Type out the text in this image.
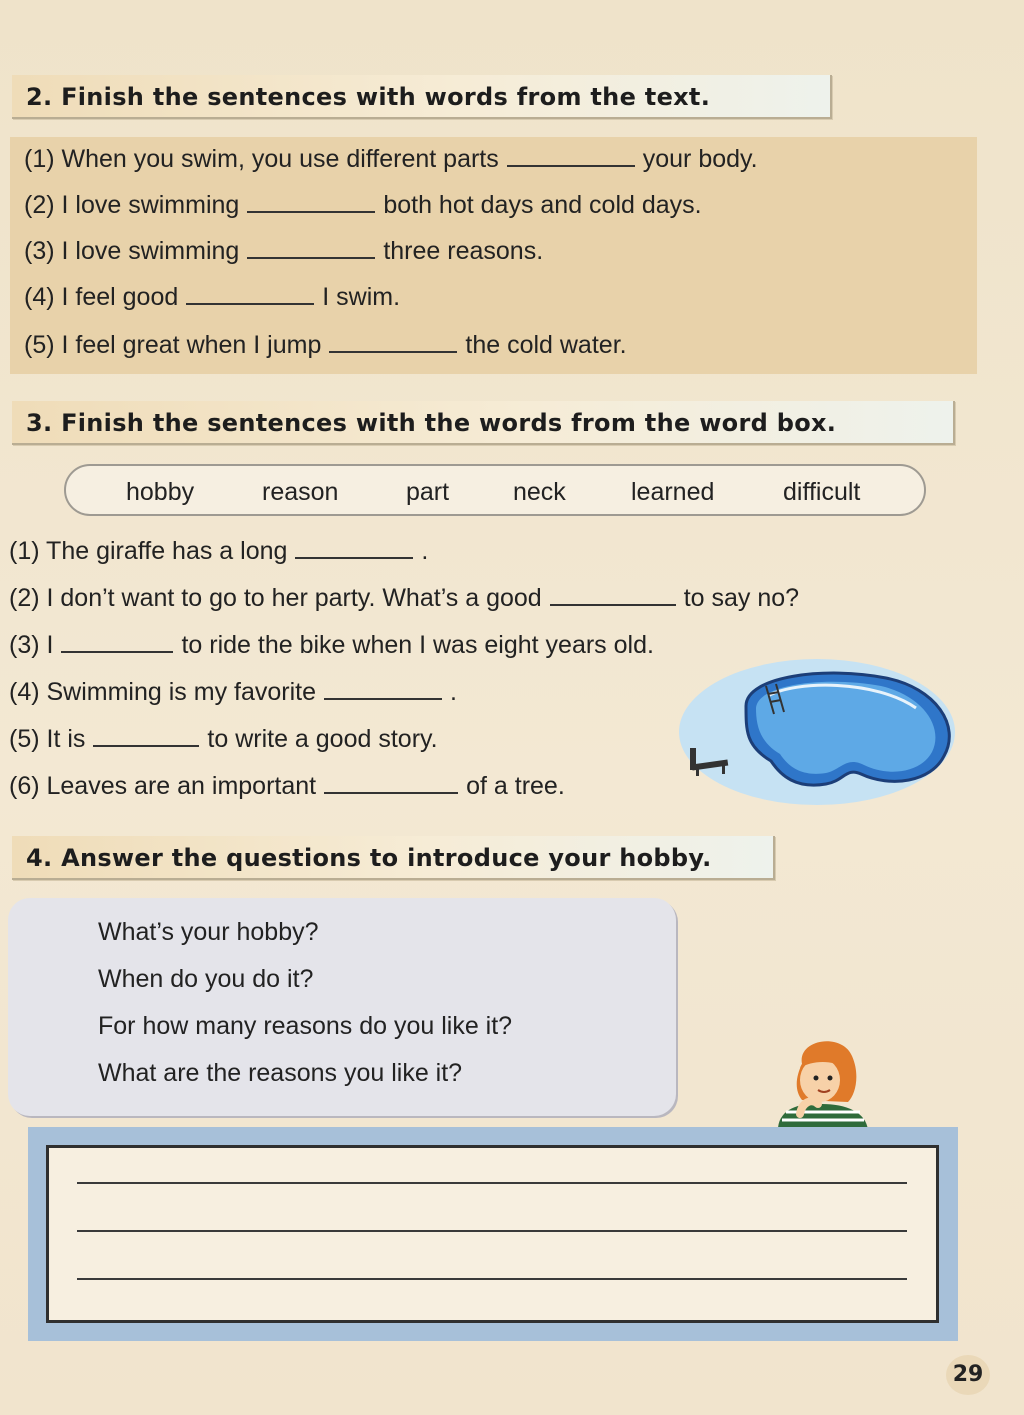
2. Finish the sentences with words from the text.
(1) When you swim, you use different parts	your body.
(2) I love swimming	both hot days and cold days.
(3) I love swimming	three reasons.
(4) I feel good	I swim.
(5) I feel great when I jump	the cold water.
3. Finish the sentences with the words from the word box.
hobby	reason	part	neck	learned	difficult
(1) The giraffe has a long	.
(2) I don’t want to go to her party. What’s a good	to say no?
(3) I	to ride the bike when I was eight years old.
(4) Swimming is my favorite	.
(5) It is	to write a good story.
(6) Leaves are an important	of a tree.
4. Answer the questions to introduce your hobby.
What’s your hobby?
When do you do it?
For how many reasons do you like it?
What are the reasons you like it?
29
